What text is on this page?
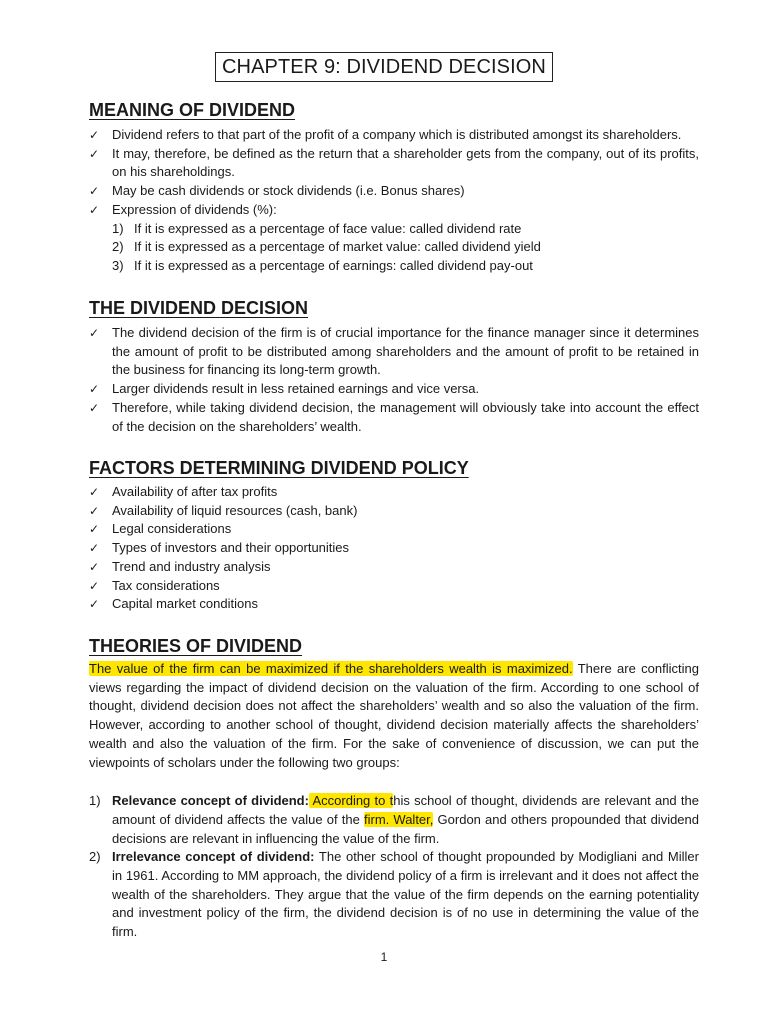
CHAPTER 9: DIVIDEND DECISION
MEANING OF DIVIDEND
✓ Dividend refers to that part of the profit of a company which is distributed amongst its shareholders.
✓ It may, therefore, be defined as the return that a shareholder gets from the company, out of its profits, on his shareholdings.
✓ May be cash dividends or stock dividends (i.e. Bonus shares)
✓ Expression of dividends (%):
1) If it is expressed as a percentage of face value: called dividend rate
2) If it is expressed as a percentage of market value: called dividend yield
3) If it is expressed as a percentage of earnings: called dividend pay-out
THE DIVIDEND DECISION
✓ The dividend decision of the firm is of crucial importance for the finance manager since it determines the amount of profit to be distributed among shareholders and the amount of profit to be retained in the business for financing its long-term growth.
✓ Larger dividends result in less retained earnings and vice versa.
✓ Therefore, while taking dividend decision, the management will obviously take into account the effect of the decision on the shareholders’ wealth.
FACTORS DETERMINING DIVIDEND POLICY
✓ Availability of after tax profits
✓ Availability of liquid resources (cash, bank)
✓ Legal considerations
✓ Types of investors and their opportunities
✓ Trend and industry analysis
✓ Tax considerations
✓ Capital market conditions
THEORIES OF DIVIDEND

The value of the firm can be maximized if the shareholders wealth is maximized. There are conflicting views regarding the impact of dividend decision on the valuation of the firm. According to one school of thought, dividend decision does not affect the shareholders’ wealth and so also the valuation of the firm. However, according to another school of thought, dividend decision materially affects the shareholders’ wealth and also the valuation of the firm. For the sake of convenience of discussion, we can put the viewpoints of scholars under the following two groups:

1) Relevance concept of dividend: According to this school of thought, dividends are relevant and the amount of dividend affects the value of the firm. Walter, Gordon and others propounded that dividend decisions are relevant in influencing the value of the firm.
2) Irrelevance concept of dividend: The other school of thought propounded by Modigliani and Miller in 1961. According to MM approach, the dividend policy of a firm is irrelevant and it does not affect the wealth of the shareholders. They argue that the value of the firm depends on the earning potentiality and investment policy of the firm, the dividend decision is of no use in determining the value of the firm.
1
